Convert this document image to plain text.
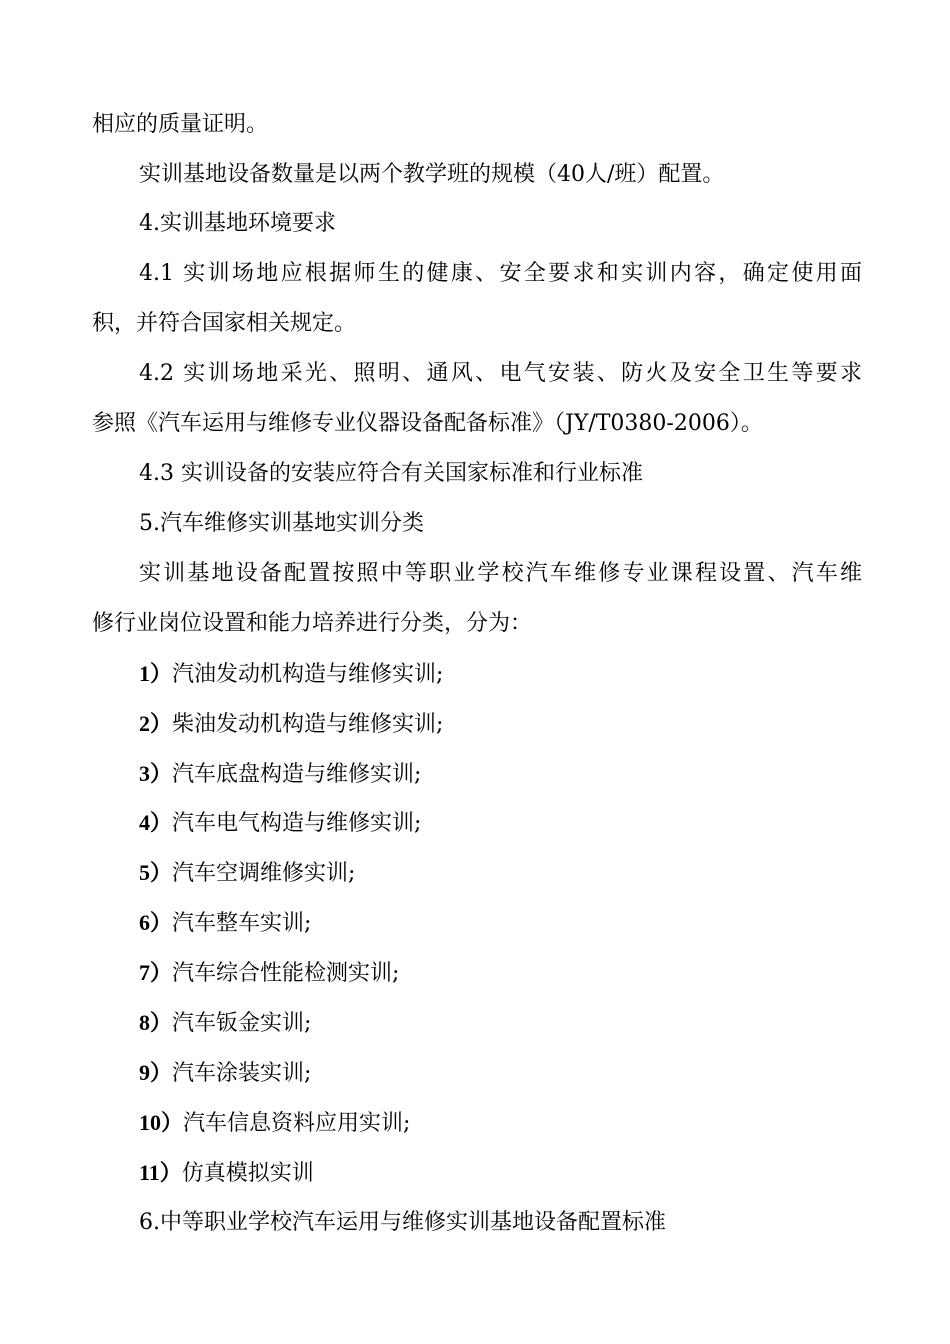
相应的质量证明。
实训基地设备数量是以两个教学班的规模（40人/班）配置。
4.实训基地环境要求
4.1 实训场地应根据师生的健康、安全要求和实训内容，确定使用面
积，并符合国家相关规定。
4.2 实训场地采光、照明、通风、电气安装、防火及安全卫生等要求
参照《汽车运用与维修专业仪器设备配备标准》（JY/T0380-2006）。
4.3 实训设备的安装应符合有关国家标准和行业标准
5.汽车维修实训基地实训分类
实训基地设备配置按照中等职业学校汽车维修专业课程设置、汽车维
修行业岗位设置和能力培养进行分类，分为：
1）汽油发动机构造与维修实训;
2）柴油发动机构造与维修实训;
3）汽车底盘构造与维修实训;
4）汽车电气构造与维修实训;
5）汽车空调维修实训;
6）汽车整车实训;
7）汽车综合性能检测实训;
8）汽车钣金实训;
9）汽车涂装实训;
10）汽车信息资料应用实训;
11）仿真模拟实训
6.中等职业学校汽车运用与维修实训基地设备配置标准
